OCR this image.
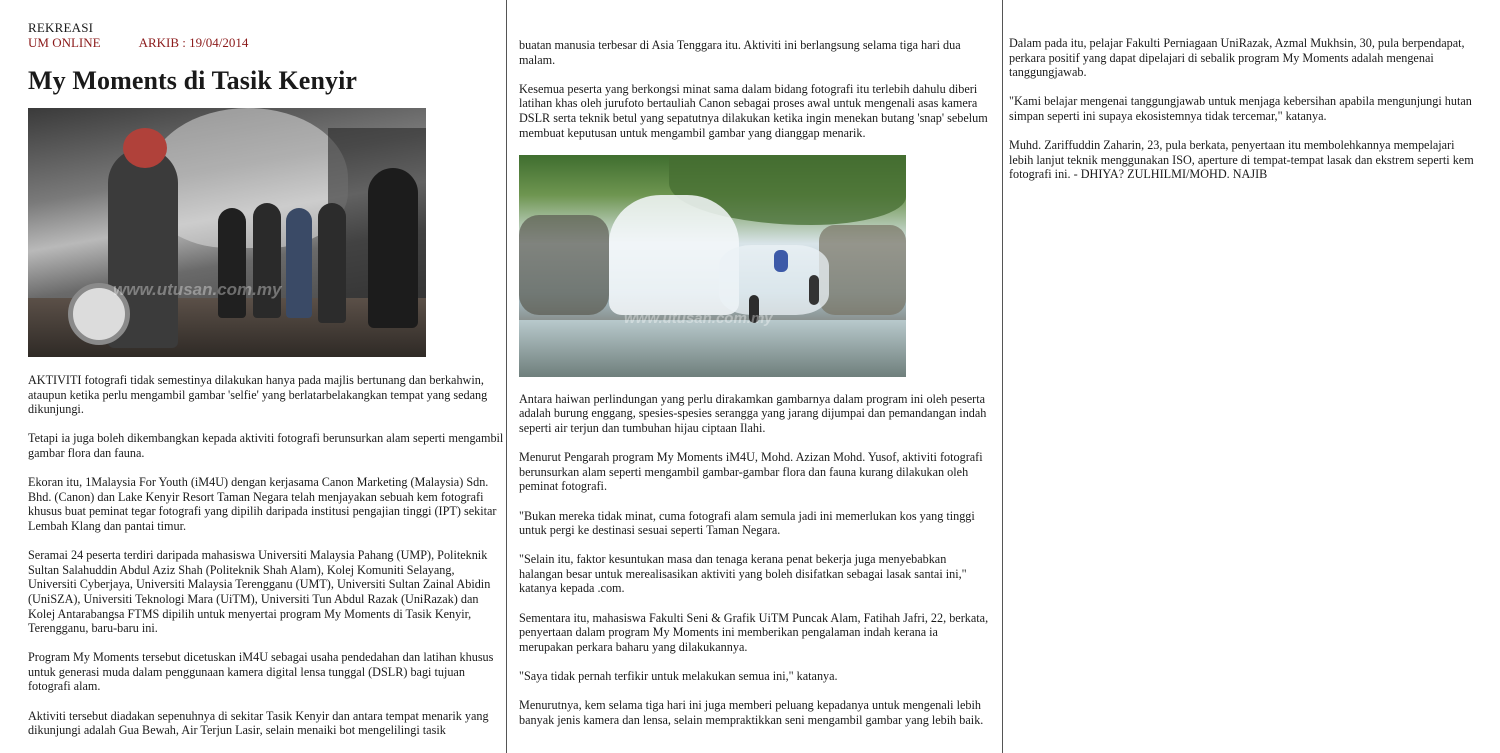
REKREASI
UM ONLINE	ARKIB : 19/04/2014
My Moments di Tasik Kenyir
www.utusan.com.my

AKTIVITI fotografi tidak semestinya dilakukan hanya pada majlis bertunang dan berkahwin, ataupun ketika perlu mengambil gambar 'selfie' yang berlatarbelakangkan tempat yang sedang dikunjungi.

Tetapi ia juga boleh dikembangkan kepada aktiviti fotografi berunsurkan alam seperti mengambil gambar flora dan fauna.

Ekoran itu, 1Malaysia For Youth (iM4U) dengan kerjasama Canon Marketing (Malaysia) Sdn. Bhd. (Canon) dan Lake Kenyir Resort Taman Negara telah menjayakan sebuah kem fotografi khusus buat peminat tegar fotografi yang dipilih daripada institusi pengajian tinggi (IPT) sekitar Lembah Klang dan pantai timur.

Seramai 24 peserta terdiri daripada mahasiswa Universiti Malaysia Pahang (UMP), Politeknik Sultan Salahuddin Abdul Aziz Shah (Politeknik Shah Alam), Kolej Komuniti Selayang, Universiti Cyberjaya, Universiti Malaysia Terengganu (UMT), Universiti Sultan Zainal Abidin (UniSZA), Universiti Teknologi Mara (UiTM), Universiti Tun Abdul Razak (UniRazak) dan Kolej Antarabangsa FTMS dipilih untuk menyertai program My Moments di Tasik Kenyir, Terengganu, baru-baru ini.

Program My Moments tersebut dicetuskan iM4U sebagai usaha pendedahan dan latihan khusus untuk generasi muda dalam penggunaan kamera digital lensa tunggal (DSLR) bagi tujuan fotografi alam.

Aktiviti tersebut diadakan sepenuhnya di sekitar Tasik Kenyir dan antara tempat menarik yang dikunjungi adalah Gua Bewah, Air Terjun Lasir, selain menaiki bot mengelilingi tasik

buatan manusia terbesar di Asia Tenggara itu. Aktiviti ini berlangsung selama tiga hari dua malam.

Kesemua peserta yang berkongsi minat sama dalam bidang fotografi itu terlebih dahulu diberi latihan khas oleh jurufoto bertauliah Canon sebagai proses awal untuk mengenali asas kamera DSLR serta teknik betul yang sepatutnya dilakukan ketika ingin menekan butang 'snap' sebelum membuat keputusan untuk mengambil gambar yang dianggap menarik.

www.utusan.com.my

Antara haiwan perlindungan yang perlu dirakamkan gambarnya dalam program ini oleh peserta adalah burung enggang, spesies-spesies serangga yang jarang dijumpai dan pemandangan indah seperti air terjun dan tumbuhan hijau ciptaan Ilahi.

Menurut Pengarah program My Moments iM4U, Mohd. Azizan Mohd. Yusof, aktiviti fotografi berunsurkan alam seperti mengambil gambar-gambar flora dan fauna kurang dilakukan oleh peminat fotografi.

"Bukan mereka tidak minat, cuma fotografi alam semula jadi ini memerlukan kos yang tinggi untuk pergi ke destinasi sesuai seperti Taman Negara.

"Selain itu, faktor kesuntukan masa dan tenaga kerana penat bekerja juga menyebabkan halangan besar untuk merealisasikan aktiviti yang boleh disifatkan sebagai lasak santai ini," katanya kepada .com.

Sementara itu, mahasiswa Fakulti Seni & Grafik UiTM Puncak Alam, Fatihah Jafri, 22, berkata, penyertaan dalam program My Moments ini memberikan pengalaman indah kerana ia merupakan perkara baharu yang dilakukannya.

"Saya tidak pernah terfikir untuk melakukan semua ini," katanya.

Menurutnya, kem selama tiga hari ini juga memberi peluang kepadanya untuk mengenali lebih banyak jenis kamera dan lensa, selain mempraktikkan seni mengambil gambar yang lebih baik.

Dalam pada itu, pelajar Fakulti Perniagaan UniRazak, Azmal Mukhsin, 30, pula berpendapat, perkara positif yang dapat dipelajari di sebalik program My Moments adalah mengenai tanggungjawab.

"Kami belajar mengenai tanggungjawab untuk menjaga kebersihan apabila mengunjungi hutan simpan seperti ini supaya ekosistemnya tidak tercemar," katanya.

Muhd. Zariffuddin Zaharin, 23, pula berkata, penyertaan itu membolehkannya mempelajari lebih lanjut teknik menggunakan ISO, aperture di tempat-tempat lasak dan ekstrem seperti kem fotografi ini. - DHIYA? ZULHILMI/MOHD. NAJIB
